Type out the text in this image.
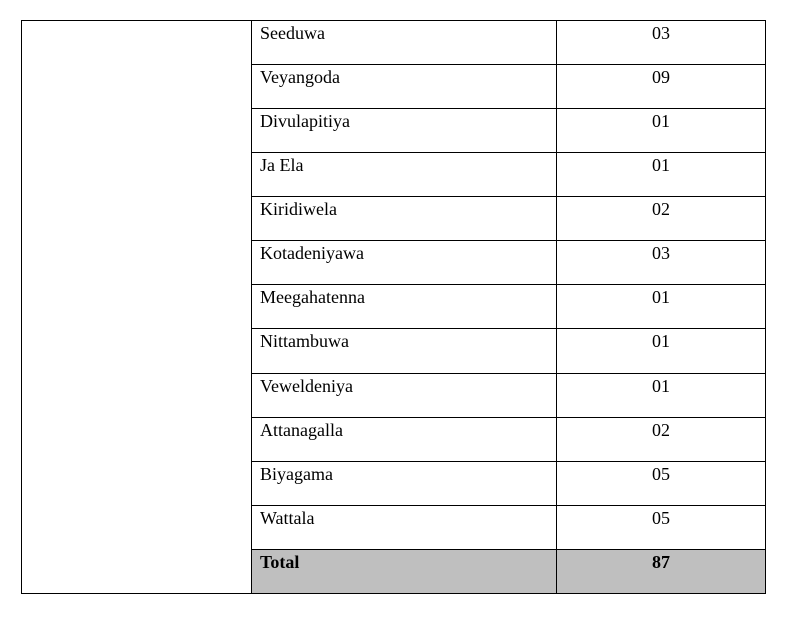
	Seeduwa	03
	Veyangoda	09
	Divulapitiya	01
	Ja Ela	01
	Kiridiwela	02
	Kotadeniyawa	03
	Meegahatenna	01
	Nittambuwa	01
	Veweldeniya	01
	Attanagalla	02
	Biyagama	05
	Wattala	05
	Total	87
